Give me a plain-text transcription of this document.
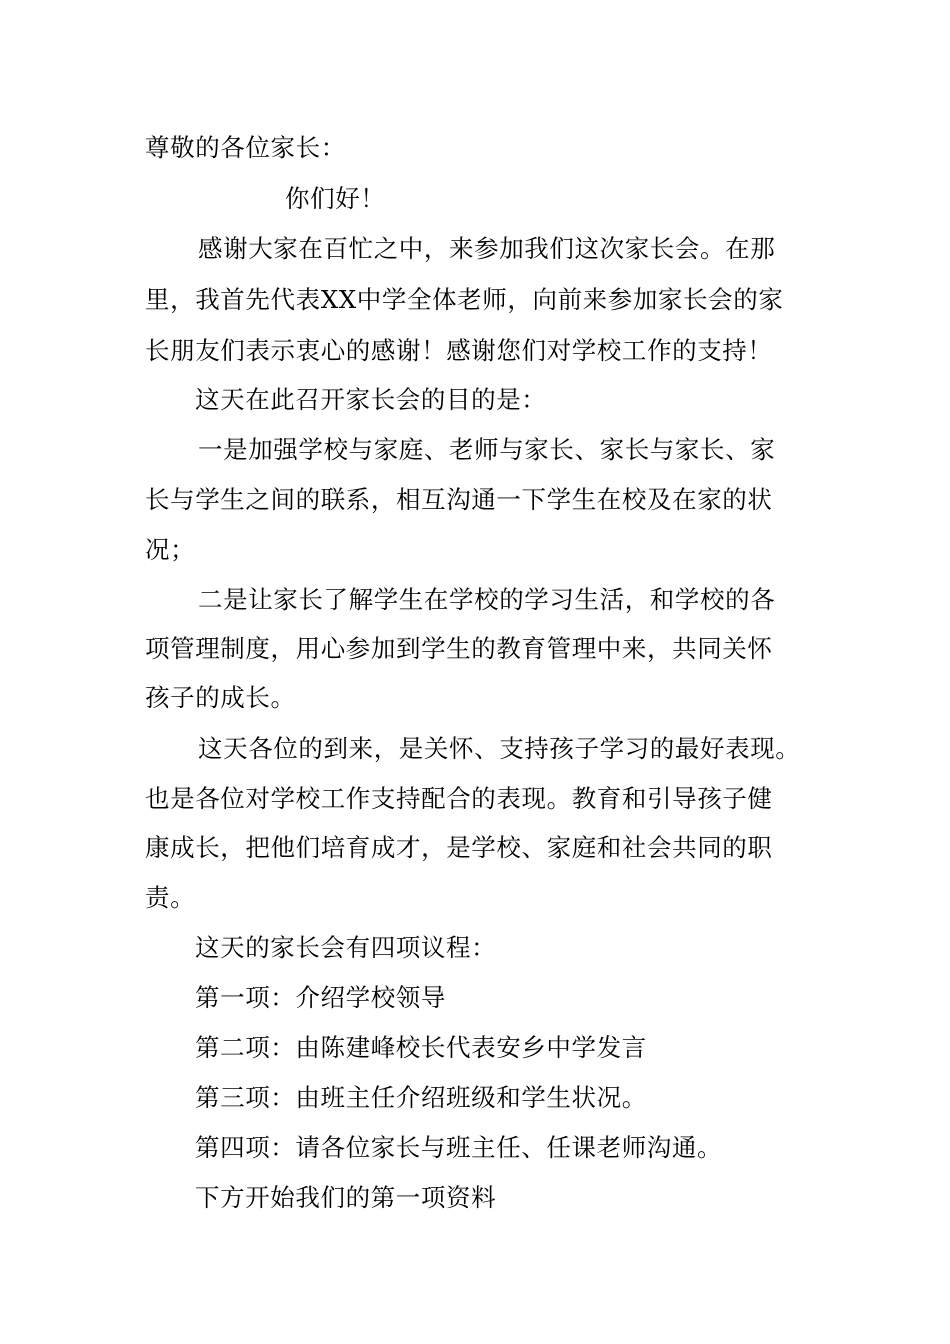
尊敬的各位家长：
你们好！
感谢大家在百忙之中，来参加我们这次家长会。在那
里，我首先代表XX中学全体老师，向前来参加家长会的家
长朋友们表示衷心的感谢！感谢您们对学校工作的支持！
这天在此召开家长会的目的是：
一是加强学校与家庭、老师与家长、家长与家长、家
长与学生之间的联系，相互沟通一下学生在校及在家的状
况；
二是让家长了解学生在学校的学习生活，和学校的各
项管理制度，用心参加到学生的教育管理中来，共同关怀
孩子的成长。
这天各位的到来，是关怀、支持孩子学习的最好表现。
也是各位对学校工作支持配合的表现。教育和引导孩子健
康成长，把他们培育成才，是学校、家庭和社会共同的职
责。
这天的家长会有四项议程：
第一项：介绍学校领导
第二项：由陈建峰校长代表安乡中学发言
第三项：由班主任介绍班级和学生状况。
第四项：请各位家长与班主任、任课老师沟通。
下方开始我们的第一项资料
